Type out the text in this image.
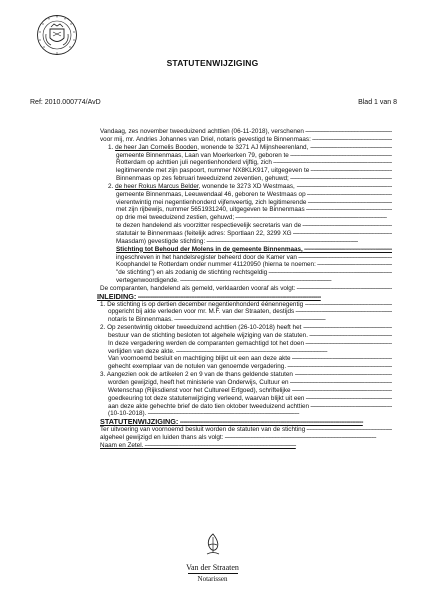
STATUTENWIJZIGING
Ref: 2010.000774/AvD	Blad 1 van 8
Vandaag, zes november tweeduizend achttien (06-11-2018), verschenen -----
voor mij, mr. Andries Johannes van Driel, notaris gevestigd te Binnenmaas: -----
1. de heer Jan Cornelis Booden, wonende te 3271 AJ Mijnsheerenland, -----
gemeente Binnenmaas, Laan van Moerkerken 79, geboren te -----
Rotterdam op achttien juli negentienhonderd vijftig, zich -----
legitimerende met zijn paspoort, nummer NX8KLK917, uitgegeven te -----
Binnenmaas op zes februari tweeduizend zeventien, gehuwd; -----
2. de heer Rokus Marcus Belder, wonende te 3273 XD Westmaas, -----
gemeente Binnenmaas, Leeuwendaal 46, geboren te Westmaas op -----
vierentwintig mei negentienhonderd vijfenveertig, zich legitimerende -----
met zijn rijbewijs, nummer 5651931240, uitgegeven te Binnenmaas -----
op drie mei tweeduizend zestien, gehuwd; -----
te dezen handelend als voorzitter respectievelijk secretaris van de -----
statutair te Binnenmaas (feitelijk adres: Sportlaan 22, 3299 XG -----
Maasdam) gevestigde stichting: -----
Stichting tot Behoud der Molens in de gemeente Binnenmaas, -----
ingeschreven in het handelsregister beheerd door de Kamer van -----
Koophandel te Rotterdam onder nummer 41120950 (hierna te noemen: -----
"de stichting") en als zodanig de stichting rechtsgeldig -----
vertegenwoordigende. -----
De comparanten, handelend als gemeld, verklaarden vooraf als volgt: -----
INLEIDING: -----
1. De stichting is op dertien december negentienhonderd éénennegentig -----
opgericht bij akte verleden voor mr. M.F. van der Straaten, destijds -----
notaris te Binnenmaas. -----
2. Op zesentwintig oktober tweeduizend achttien (26-10-2018) heeft het -----
bestuur van de stichting besloten tot algehele wijziging van de statuten. -----
In deze vergadering werden de comparanten gemachtigd tot het doen -----
verlijden van deze akte. -----
Van voornoemd besluit en machtiging blijkt uit een aan deze akte -----
gehecht exemplaar van de notulen van genoemde vergadering. -----
3. Aangezien ook de artikelen 2 en 9 van de thans geldende statuten -----
worden gewijzigd, heeft het ministerie van Onderwijs, Cultuur en -----
Wetenschap (Rijksdienst voor het Cultureel Erfgoed), schriftelijke -----
goedkeuring tot deze statutenwijziging verleend, waarvan blijkt uit een -----
aan deze akte gehechte brief de dato tien oktober tweeduizend achttien -----
(10-10-2018). -----
STATUTENWIJZIGING: -----
Ter uitvoering van voornoemd besluit worden de statuten van de stichting -----
algeheel gewijzigd en luiden thans als volgt: -----
Naam en Zetel. -----
Van der Straaten
Notarissen
